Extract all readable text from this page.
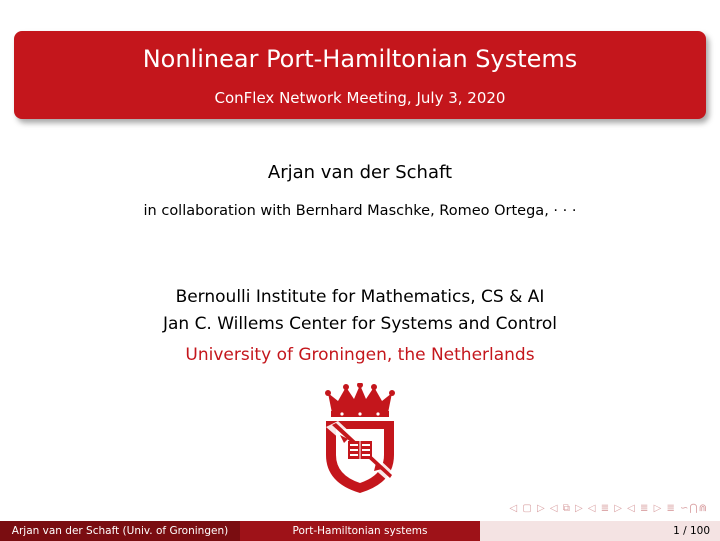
Nonlinear Port-Hamiltonian Systems
ConFlex Network Meeting, July 3, 2020
Arjan van der Schaft
in collaboration with Bernhard Maschke, Romeo Ortega, · · ·
Bernoulli Institute for Mathematics, CS & AI
Jan C. Willems Center for Systems and Control
University of Groningen, the Netherlands
◁ ▢ ▷ ◁ ⧉ ▷ ◁ ≣ ▷ ◁ ≣ ▷ ≣ ∽⋂⋒
Arjan van der Schaft (Univ. of Groningen)	Port-Hamiltonian systems	1 / 100
